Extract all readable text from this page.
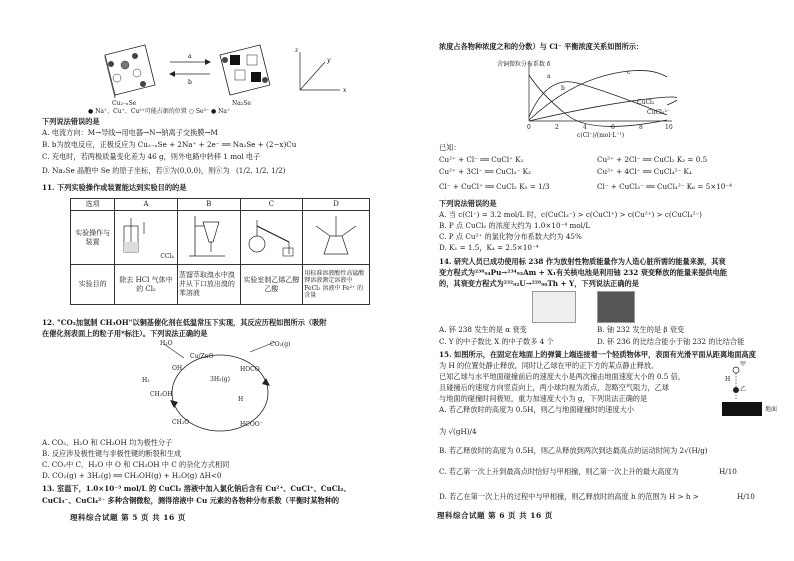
a
b
z
y
x
Cu₂₋ₓSe	Na₂Se
● Na⁺、Cu⁺、Cu²⁺可能占据的位置 ○ Se²⁻ ● Na⁺
下列说法错误的是
A. 电流方向：M→导线→用电器→N→钠离子交换膜→M
B. b为放电反应，正极反应为 Cu₂₋ₓSe + 2Na⁺ + 2e⁻ ══ Na₂Se + (2−x)Cu
C. 充电时，若两极质量变化差为 46 g，则外电路中转移 1 mol 电子
D. Na₂Se 晶胞中 Se 的原子坐标，若③为(0,0,0)，则⑥为 (1/2, 1/2, 1/2)
11. 下列实验操作或装置能达到实验目的的是
选项	A	B	C	D
实验操作与装置	CCl₄			
实验目的	除去 HCl 气体中的 Cl₂	蒸馏萃取溴水中溴并从下口放出溴的苯溶液	实验室制乙烯乙醇乙酸	用标准溶液酸性高锰酸钾溶液测定溶液中 FeCl₂ 溶液中 Fe²⁺ 的含量
12. "CO₂加氢制 CH₃OH"以铜基催化剂在低温常压下实现，其反应历程如图所示（吸附
在催化剂表面上的粒子用*标注）。下列说法正确的是
H₂O	CO₂(g)
Cu/ZnO
HOCO
H₂
CH₃OH
3H₂(g)
OH
H
HCOO⁻
CH₂O
A. CO₂、H₂O 和 CH₃OH 均为极性分子
B. 反应涉及极性键与非极性键的断裂和生成
C. CO₂中 C、H₂O 中 O 和 CH₃OH 中 C 的杂化方式相同
D. CO₂(g) + 3H₂(g) ══ CH₃OH(g) + H₂O(g) ΔH<0
13. 室温下，1.0×10⁻³ mol/L 的 CuCl₂ 溶液中加入氯化钠后含有 Cu²⁺、CuCl⁺、CuCl₂、
CuCl₃⁻、CuCl₄²⁻ 多种含铜微粒，测得溶液中 Cu 元素的各物种分布系数（平衡时某物种的
理科综合试题 第 5 页 共 16 页
浓度占各物种浓度之和的分数）与 Cl⁻ 平衡浓度关系如图所示：
含铜微粒分布系数 δ
a
b
c
CuCl₂
CuCl₄²⁻
0	2	4	6	8	10
c(Cl⁻)/(mol·L⁻¹)
已知：
Cu²⁺ + Cl⁻ ══ CuCl⁺ K₁	Cu²⁺ + 2Cl⁻ ══ CuCl₂ K₂ = 0.5
Cu²⁺ + 3Cl⁻ ══ CuCl₃⁻ K₃	Cu²⁺ + 4Cl⁻ ══ CuCl₄²⁻ K₄
Cl⁻ + CuCl⁺ ══ CuCl₂ K₅ = 1/3	Cl⁻ + CuCl₃⁻ ══ CuCl₄²⁻ K₆ = 5×10⁻⁴
下列说法错误的是
A. 当 c(Cl⁻) = 3.2 mol/L 时，c(CuCl₃⁻) > c(CuCl⁺) > c(Cu²⁺) > c(CuCl₄²⁻)
B. P 点 CuCl₂ 的浓度大约为 1.0×10⁻⁴ mol/L
C. P 点 Cu²⁺ 的氯化物分布系数大约为 45%
D. K₁ = 1.5，K₄ = 2.5×10⁻⁴
14. 研究人员已成功使用标 238 作为放射性物质能量作为人造心脏所需的能量来源，其衰
变方程式为²³⁸₉₄Pu→²³⁴₉₂Am + X₁有关核电池是利用铀 232 衰变释放的能量来提供电能
的，其衰变方程式为²³²₉₂U→²²⁸₉₀Th + Y，下列说法正确的是
A. 钚 238 发生的是 α 衰变	B. 铀 232 发生的是 β 衰变
C. Y 的中子数比 X 的中子数多 4 个	D. 钚 236 的比结合能小于铀 232 的比结合能
15. 如图所示，在固定在地面上的弹簧上端连接着一个轻质物体甲，表面有光滑平面从距离地面高度
为 H 的位置处静止释放，同时让乙球在甲的正下方的某点静止释放。
已知乙球与水平地面碰撞前后的速度大小是两次撞击地面速度大小的 0.5 倍，
且碰撞后的速度方向竖直向上，两小球均视为质点，忽略空气阻力，乙球
与地面的碰撞时间极短，重力加速度大小为 g，下列说法正确的是
甲
H
乙
地面
A. 若乙释放时的高度为 0.5H，则乙与地面碰撞时的速度大小
为 √(gH)/4
B. 若乙释放时的高度为 0.5H，则乙从释放到两次到达最高点的运动时间为 2√(H/g)
C. 若乙第一次上升到最高点时恰好与甲相撞，则乙第一次上升的最大高度为	H/10
D. 若乙在第一次上升的过程中与甲相撞，则乙释放时的高度 h 的范围为 H > h >	H/10
理科综合试题 第 6 页 共 16 页
